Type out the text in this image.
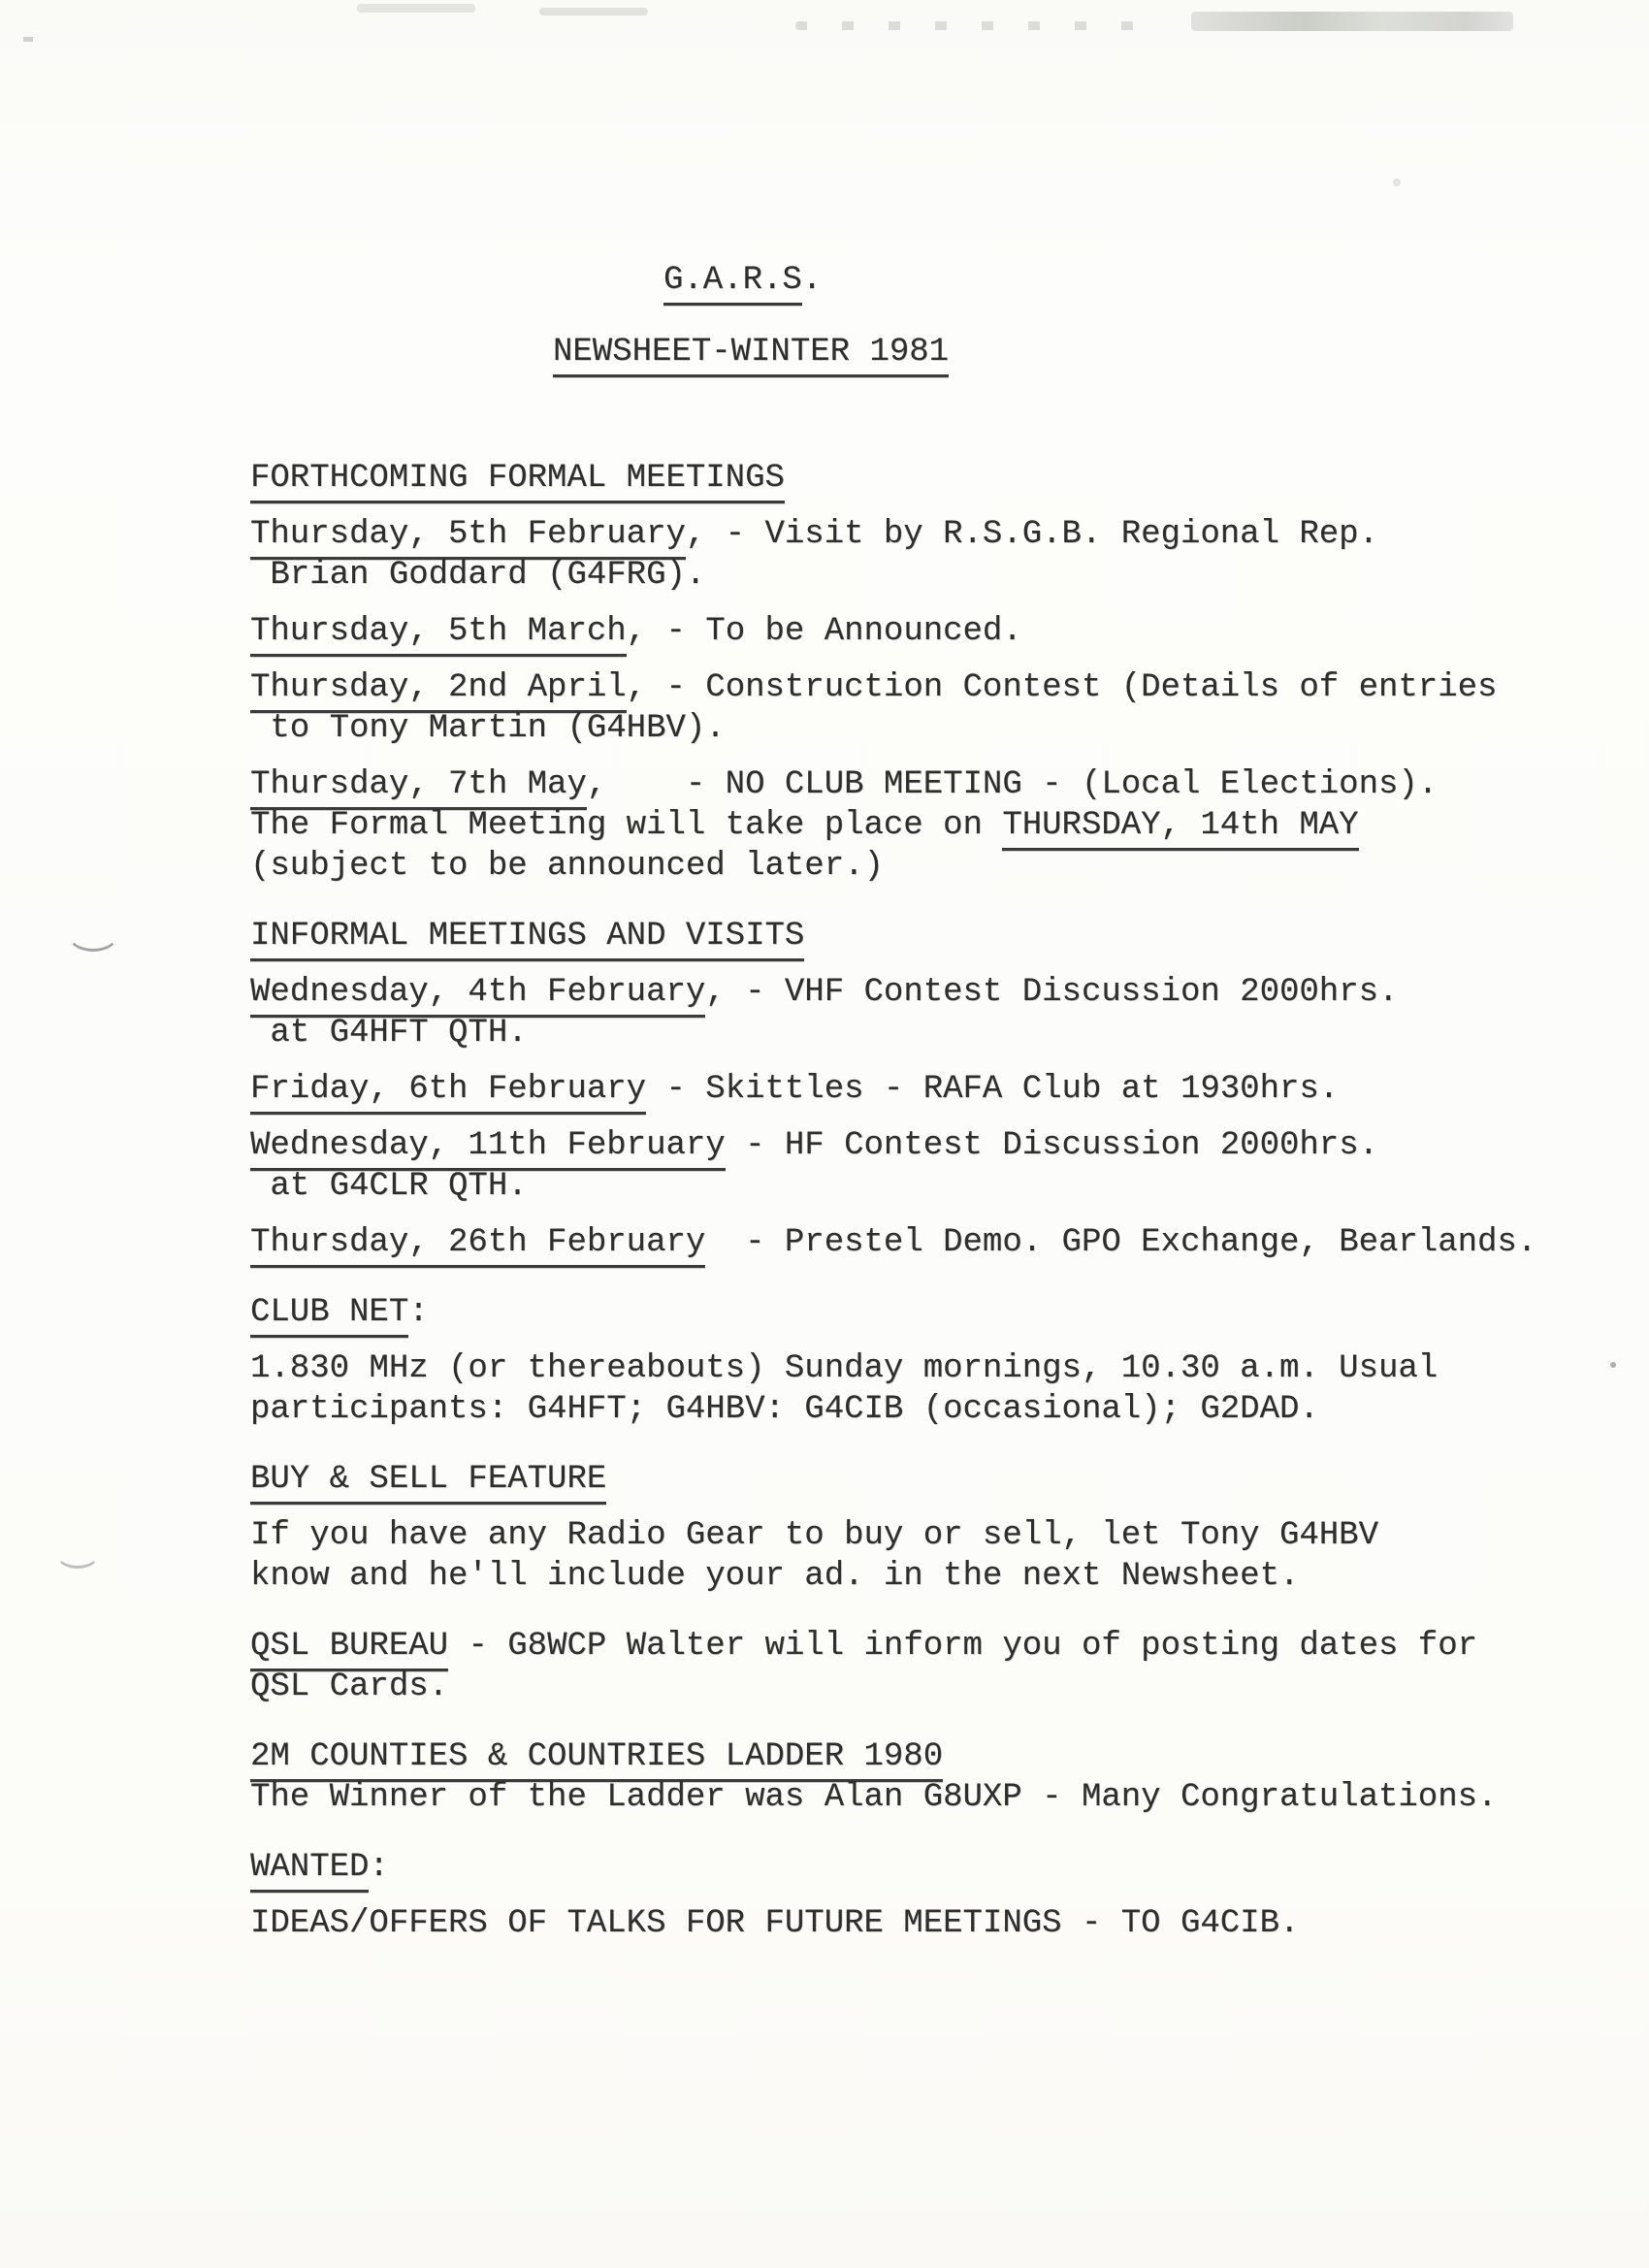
G.A.R.S.
NEWSHEET-WINTER 1981
FORTHCOMING FORMAL MEETINGS
Thursday, 5th February, - Visit by R.S.G.B. Regional Rep.
Brian Goddard (G4FRG).
Thursday, 5th March, - To be Announced.
Thursday, 2nd April, - Construction Contest (Details of entries
to Tony Martin (G4HBV).
Thursday, 7th May,    - NO CLUB MEETING - (Local Elections).
The Formal Meeting will take place on THURSDAY, 14th MAY
(subject to be announced later.)
INFORMAL MEETINGS AND VISITS
Wednesday, 4th February, - VHF Contest Discussion 2000hrs.
at G4HFT QTH.
Friday, 6th February - Skittles - RAFA Club at 1930hrs.
Wednesday, 11th February - HF Contest Discussion 2000hrs.
at G4CLR QTH.
Thursday, 26th February  - Prestel Demo. GPO Exchange, Bearlands.
CLUB NET:
1.830 MHz (or thereabouts) Sunday mornings, 10.30 a.m. Usual
participants: G4HFT; G4HBV: G4CIB (occasional); G2DAD.
BUY & SELL FEATURE
If you have any Radio Gear to buy or sell, let Tony G4HBV
know and he'll include your ad. in the next Newsheet.
QSL BUREAU - G8WCP Walter will inform you of posting dates for
QSL Cards.
2M COUNTIES & COUNTRIES LADDER 1980
The Winner of the Ladder was Alan G8UXP - Many Congratulations.
WANTED:
IDEAS/OFFERS OF TALKS FOR FUTURE MEETINGS - TO G4CIB.
